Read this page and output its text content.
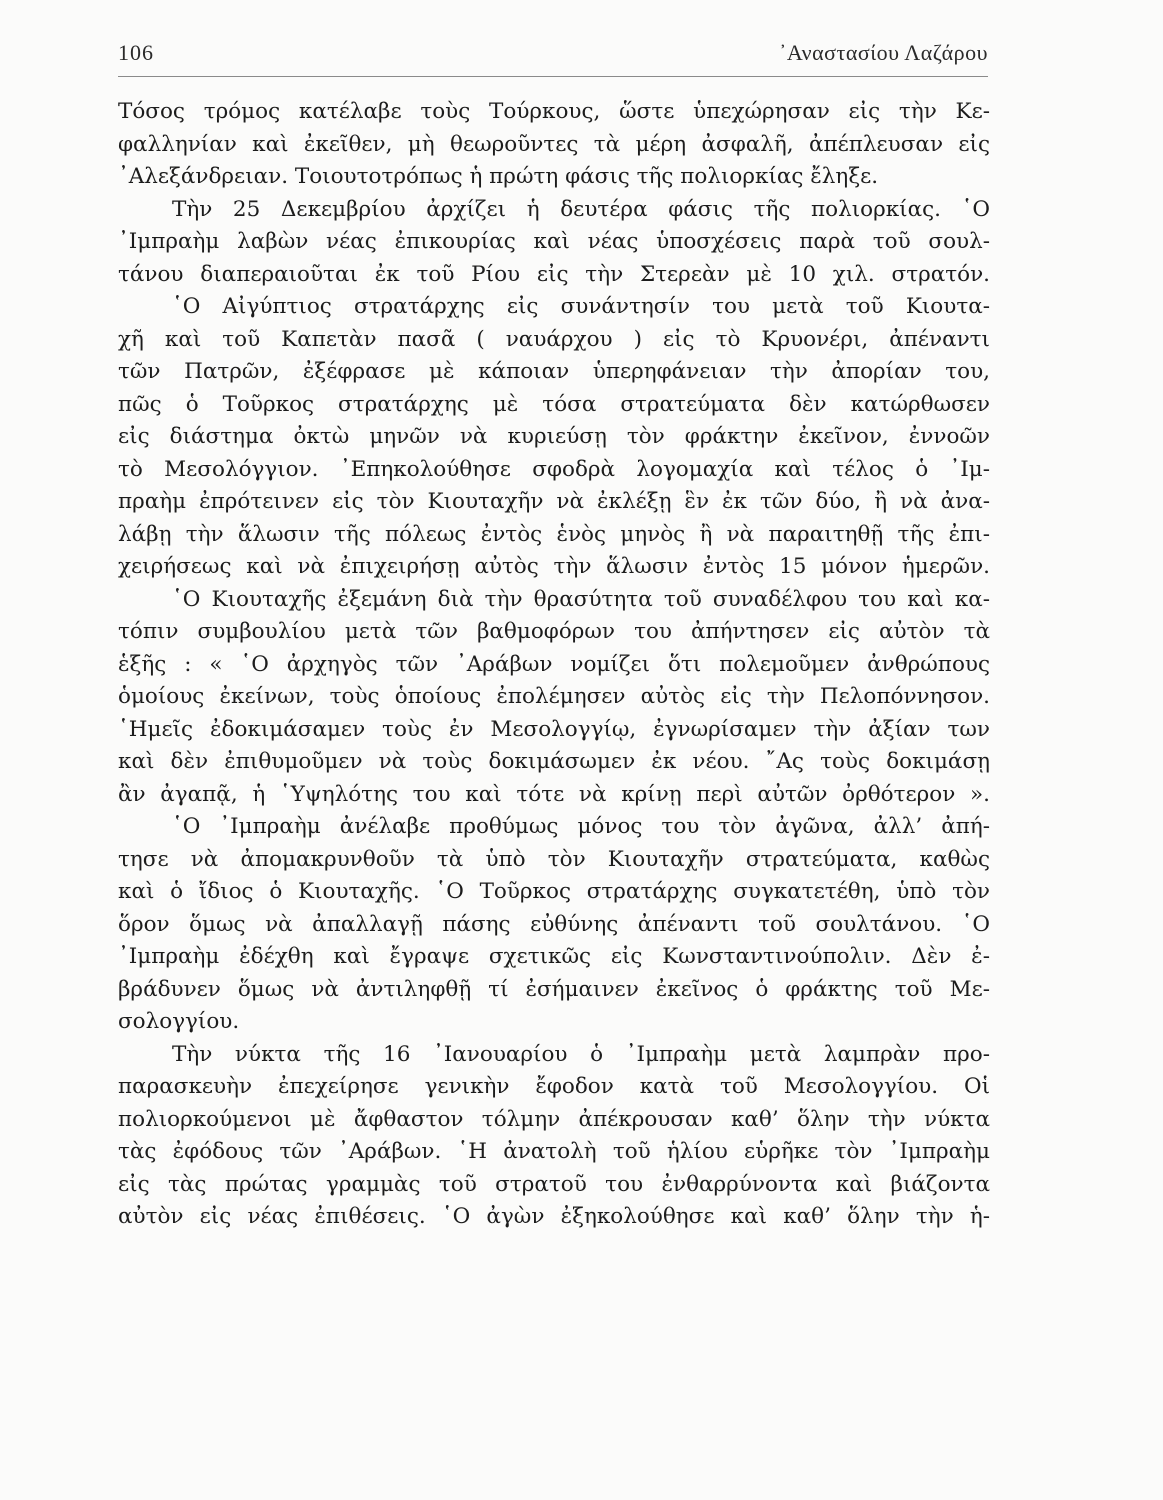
106	᾿Αναστασίου Λαζάρου
Τόσος τρόμος κατέλαβε τοὺς Τούρκους, ὥστε ὑπεχώρησαν εἰς τὴν Κε-
φαλληνίαν καὶ ἐκεῖθεν, μὴ θεωροῦντες τὰ μέρη ἀσφαλῆ, ἀπέπλευσαν εἰς
᾿Αλεξάνδρειαν. Τοιουτοτρόπως ἡ πρώτη φάσις τῆς πολιορκίας ἔληξε.
Τὴν 25 Δεκεμβρίου ἀρχίζει ἡ δευτέρα φάσις τῆς πολιορκίας. ῾Ο
᾿Ιμπραὴμ λαβὼν νέας ἐπικουρίας καὶ νέας ὑποσχέσεις παρὰ τοῦ σουλ-
τάνου διαπεραιοῦται ἐκ τοῦ Ρίου εἰς τὴν Στερεὰν μὲ 10 χιλ. στρατόν.
῾Ο Αἰγύπτιος στρατάρχης εἰς συνάντησίν του μετὰ τοῦ Κιουτα-
χῆ καὶ τοῦ Καπετὰν πασᾶ ( ναυάρχου ) εἰς τὸ Κρυονέρι, ἀπέναντι
τῶν Πατρῶν, ἐξέφρασε μὲ κάποιαν ὑπερηφάνειαν τὴν ἀπορίαν του,
πῶς ὁ Τοῦρκος στρατάρχης μὲ τόσα στρατεύματα δὲν κατώρθωσεν
εἰς διάστημα ὀκτὼ μηνῶν νὰ κυριεύσῃ τὸν φράκτην ἐκεῖνον, ἐννοῶν
τὸ Μεσολόγγιον. ᾿Επηκολούθησε σφοδρὰ λογομαχία καὶ τέλος ὁ ᾿Ιμ-
πραὴμ ἐπρότεινεν εἰς τὸν Κιουταχῆν νὰ ἐκλέξῃ ἓν ἐκ τῶν δύο, ἢ νὰ ἀνα-
λάβῃ τὴν ἅλωσιν τῆς πόλεως ἐντὸς ἑνὸς μηνὸς ἢ νὰ παραιτηθῇ τῆς ἐπι-
χειρήσεως καὶ νὰ ἐπιχειρήσῃ αὐτὸς τὴν ἅλωσιν ἐντὸς 15 μόνον ἡμερῶν.
῾Ο Κιουταχῆς ἐξεμάνη διὰ τὴν θρασύτητα τοῦ συναδέλφου του καὶ κα-
τόπιν συμβουλίου μετὰ τῶν βαθμοφόρων του ἀπήντησεν εἰς αὐτὸν τὰ
ἑξῆς : « ῾Ο ἀρχηγὸς τῶν ᾿Αράβων νομίζει ὅτι πολεμοῦμεν ἀνθρώπους
ὁμοίους ἐκείνων, τοὺς ὁποίους ἐπολέμησεν αὐτὸς εἰς τὴν Πελοπόννησον.
῾Ημεῖς ἐδοκιμάσαμεν τοὺς ἐν Μεσολογγίῳ, ἐγνωρίσαμεν τὴν ἀξίαν των
καὶ δὲν ἐπιθυμοῦμεν νὰ τοὺς δοκιμάσωμεν ἐκ νέου. ῎Ας τοὺς δοκιμάσῃ
ἂν ἀγαπᾷ, ἡ ῾Υψηλότης του καὶ τότε νὰ κρίνῃ περὶ αὐτῶν ὀρθότερον ».
῾Ο ᾿Ιμπραὴμ ἀνέλαβε προθύμως μόνος του τὸν ἀγῶνα, ἀλλ’ ἀπή-
τησε νὰ ἀπομακρυνθοῦν τὰ ὑπὸ τὸν Κιουταχῆν στρατεύματα, καθὼς
καὶ ὁ ἴδιος ὁ Κιουταχῆς. ῾Ο Τοῦρκος στρατάρχης συγκατετέθη, ὑπὸ τὸν
ὅρον ὅμως νὰ ἀπαλλαγῇ πάσης εὐθύνης ἀπέναντι τοῦ σουλτάνου. ῾Ο
᾿Ιμπραὴμ ἐδέχθη καὶ ἔγραψε σχετικῶς εἰς Κωνσταντινούπολιν. Δὲν ἐ-
βράδυνεν ὅμως νὰ ἀντιληφθῇ τί ἐσήμαινεν ἐκεῖνος ὁ φράκτης τοῦ Με-
σολογγίου.
Τὴν νύκτα τῆς 16 ᾿Ιανουαρίου ὁ ᾿Ιμπραὴμ μετὰ λαμπρὰν προ-
παρασκευὴν ἐπεχείρησε γενικὴν ἔφοδον κατὰ τοῦ Μεσολογγίου. Οἱ
πολιορκούμενοι μὲ ἄφθαστον τόλμην ἀπέκρουσαν καθ’ ὅλην τὴν νύκτα
τὰς ἐφόδους τῶν ᾿Αράβων. ῾Η ἀνατολὴ τοῦ ἡλίου εὑρῆκε τὸν ᾿Ιμπραὴμ
εἰς τὰς πρώτας γραμμὰς τοῦ στρατοῦ του ἐνθαρρύνοντα καὶ βιάζοντα
αὐτὸν εἰς νέας ἐπιθέσεις. ῾Ο ἀγὼν ἐξηκολούθησε καὶ καθ’ ὅλην τὴν ἡ-
